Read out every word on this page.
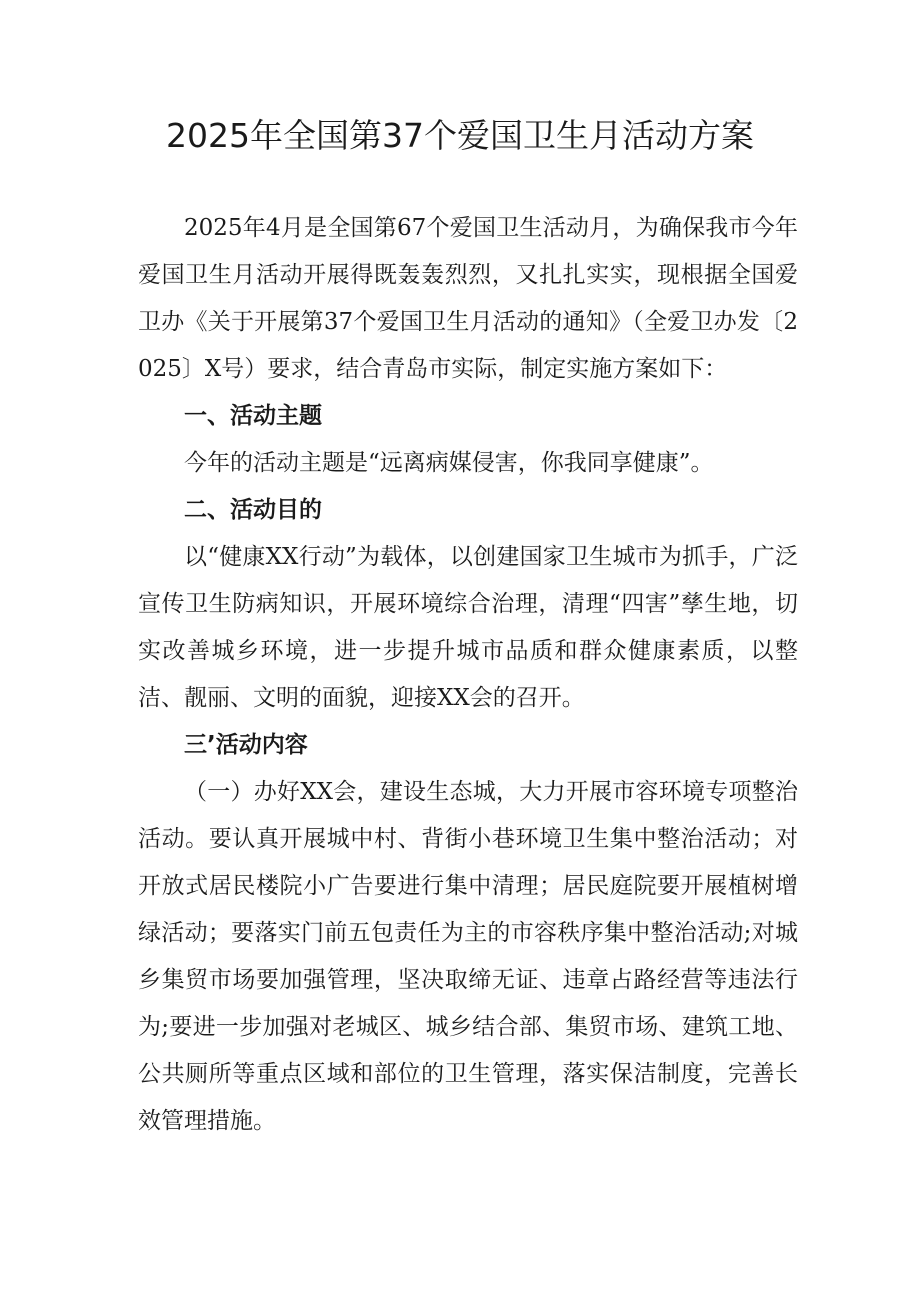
2025年全国第37个爱国卫生月活动方案

2025年4月是全国第67个爱国卫生活动月，为确保我市今年爱国卫生月活动开展得既轰轰烈烈，又扎扎实实，现根据全国爱卫办《关于开展第37个爱国卫生月活动的通知》（全爱卫办发〔2025〕X号）要求，结合青岛市实际，制定实施方案如下：

一、活动主题

今年的活动主题是“远离病媒侵害，你我同享健康”。

二、活动目的

以“健康XX行动”为载体，以创建国家卫生城市为抓手，广泛宣传卫生防病知识，开展环境综合治理，清理“四害”孳生地，切实改善城乡环境，进一步提升城市品质和群众健康素质，以整洁、靓丽、文明的面貌，迎接XX会的召开。

三’活动内容

（一）办好XX会，建设生态城，大力开展市容环境专项整治活动。要认真开展城中村、背街小巷环境卫生集中整治活动；对开放式居民楼院小广告要进行集中清理；居民庭院要开展植树增绿活动；要落实门前五包责任为主的市容秩序集中整治活动;对城乡集贸市场要加强管理，坚决取缔无证、违章占路经营等违法行为;要进一步加强对老城区、城乡结合部、集贸市场、建筑工地、公共厕所等重点区域和部位的卫生管理，落实保洁制度，完善长效管理措施。
